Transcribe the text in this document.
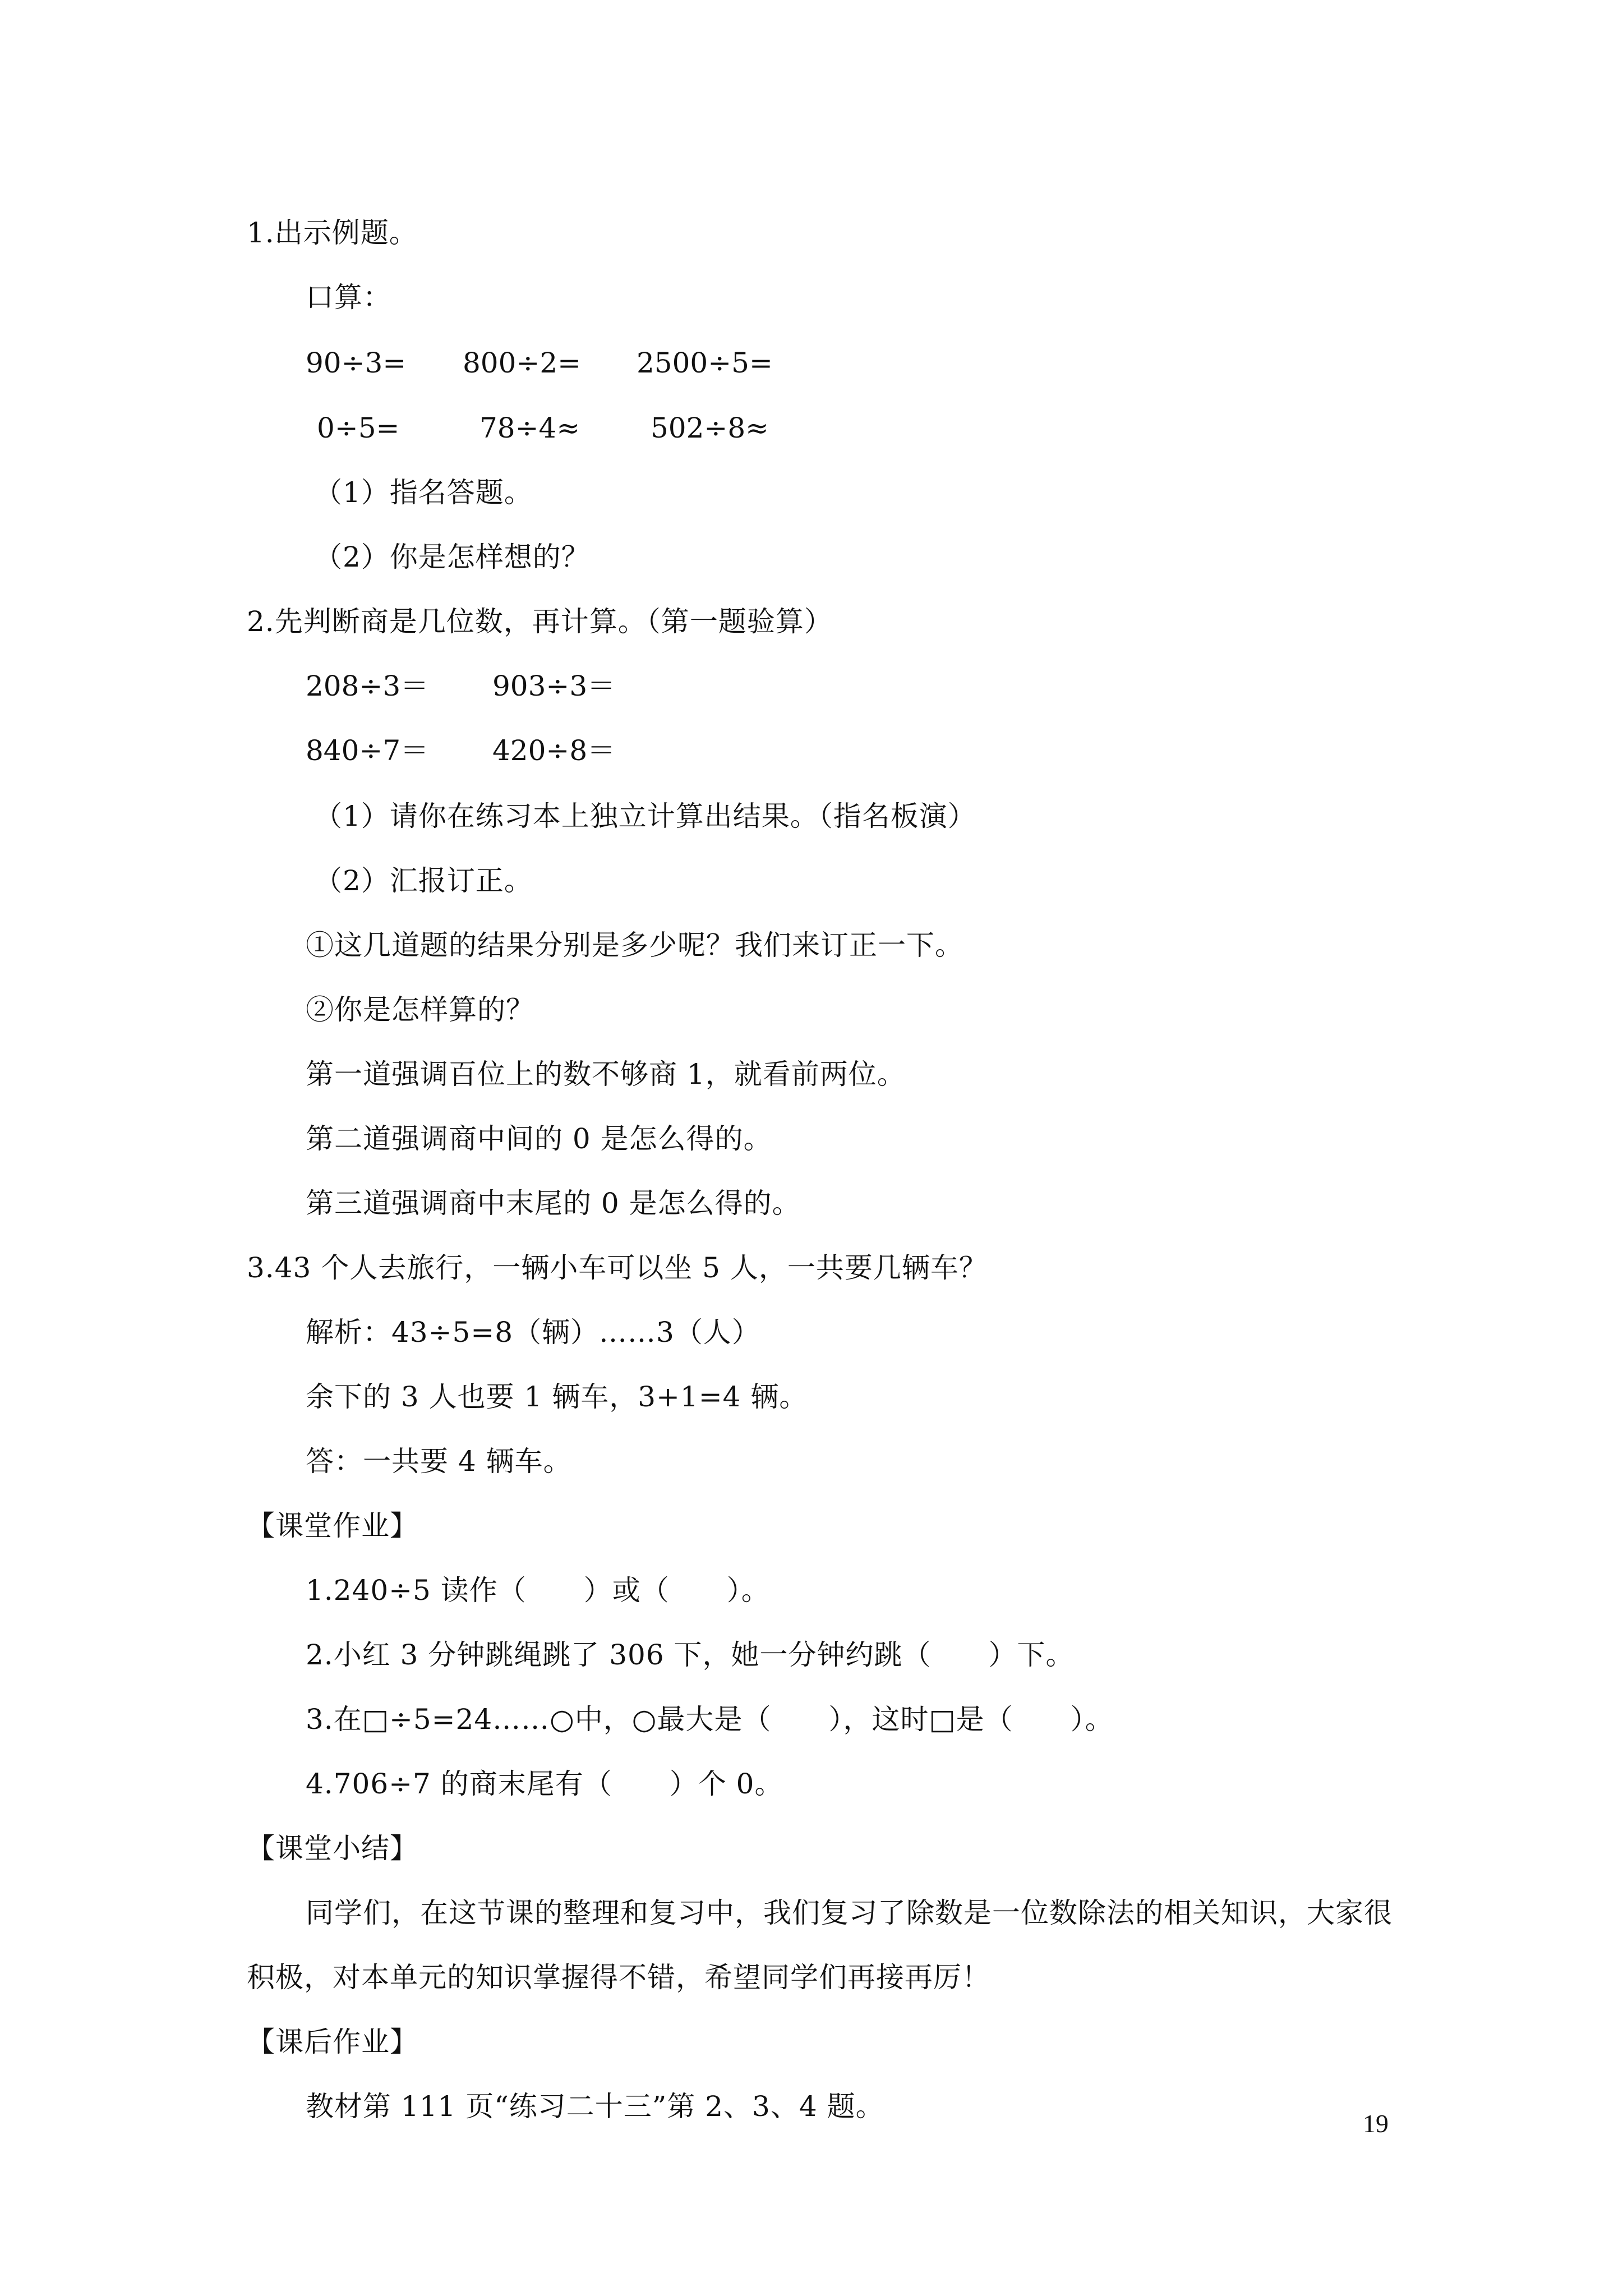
1.出示例题。
口算：
90÷3= 800÷2= 2500÷5=
0÷5=	78÷4≈	502÷8≈
（1）指名答题。
（2）你是怎样想的？
2.先判断商是几位数，再计算。（第一题验算）
208÷3＝ 903÷3＝
840÷7＝ 420÷8＝
（1）请你在练习本上独立计算出结果。（指名板演）
（2）汇报订正。
①这几道题的结果分别是多少呢？我们来订正一下。
②你是怎样算的？
第一道强调百位上的数不够商 1，就看前两位。
第二道强调商中间的 0 是怎么得的。
第三道强调商中末尾的 0 是怎么得的。
3.43 个人去旅行，一辆小车可以坐 5 人，一共要几辆车？
解析：43÷5=8（辆）……3（人）
余下的 3 人也要 1 辆车，3+1=4 辆。
答：一共要 4 辆车。
【课堂作业】
1.240÷5 读作（　　）或（　　）。
2.小红 3 分钟跳绳跳了 306 下，她一分钟约跳（　　）下。
3.在□÷5=24……○中，○最大是（　　），这时□是（　　）。
4.706÷7 的商末尾有（　　）个 0。
【课堂小结】
同学们，在这节课的整理和复习中，我们复习了除数是一位数除法的相关知识，大家很
积极，对本单元的知识掌握得不错，希望同学们再接再厉！
【课后作业】
教材第 111 页“练习二十三”第 2、3、4 题。
19
